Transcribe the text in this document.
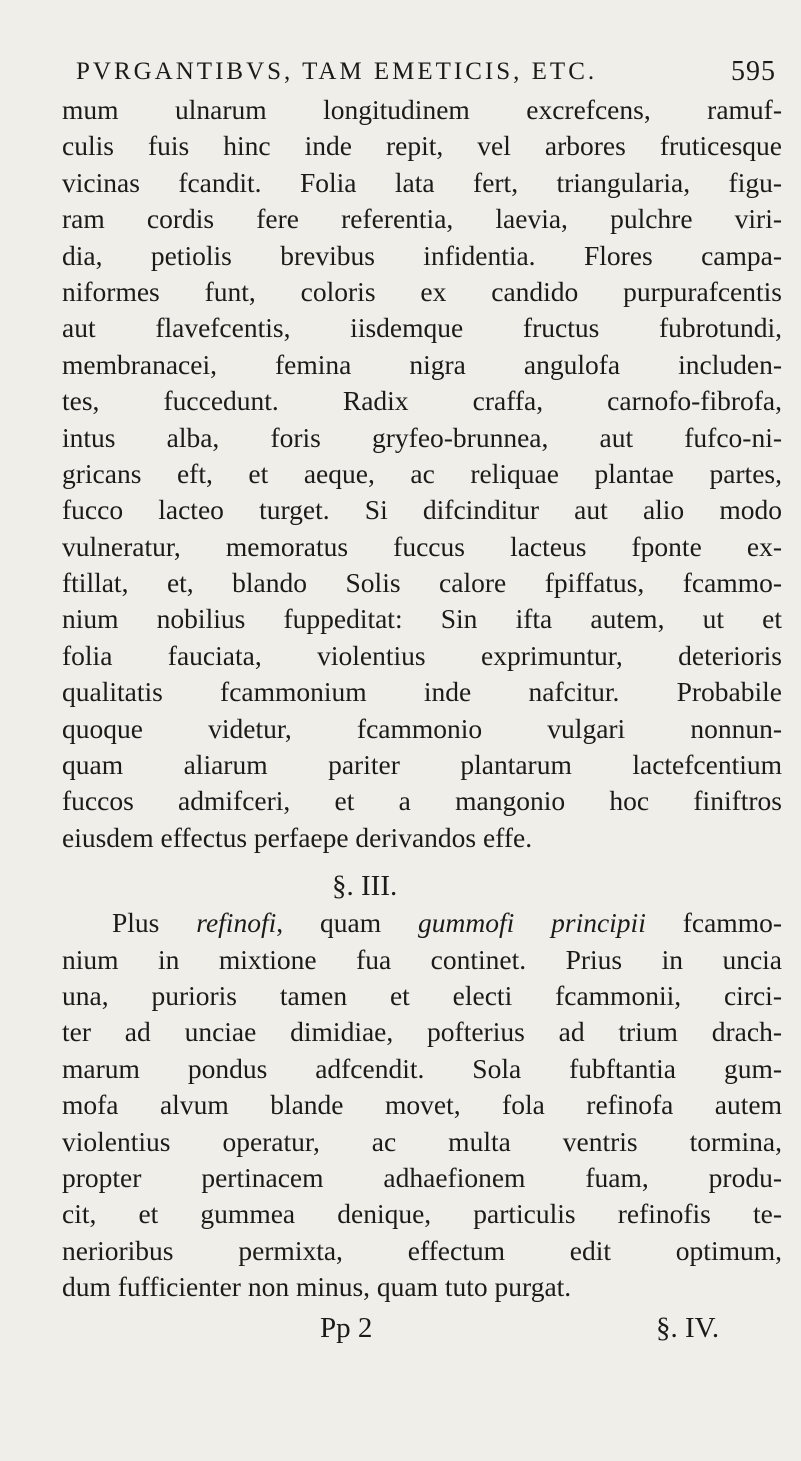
PVRGANTIBVS, TAM EMETICIS, ETC.	595
mum ulnarum longitudinem excrefcens, ramuf-
culis fuis hinc inde repit, vel arbores fruticesque
vicinas fcandit. Folia lata fert, triangularia, figu-
ram cordis fere referentia, laevia, pulchre viri-
dia, petiolis brevibus infidentia. Flores campa-
niformes funt, coloris ex candido purpurafcentis
aut flavefcentis, iisdemque fructus fubrotundi,
membranacei, femina nigra angulofa includen-
tes, fuccedunt. Radix craffa, carnofo-fibrofa,
intus alba, foris gryfeo-brunnea, aut fufco-ni-
gricans eft, et aeque, ac reliquae plantae partes,
fucco lacteo turget. Si difcinditur aut alio modo
vulneratur, memoratus fuccus lacteus fponte ex-
ftillat, et, blando Solis calore fpiffatus, fcammo-
nium nobilius fuppeditat: Sin ifta autem, ut et
folia fauciata, violentius exprimuntur, deterioris
qualitatis fcammonium inde nafcitur. Probabile
quoque videtur, fcammonio vulgari nonnun-
quam aliarum pariter plantarum lactefcentium
fuccos admifceri, et a mangonio hoc finiftros
eiusdem effectus perfaepe derivandos effe.
§. III.
Plus refinofi, quam gummofi principii fcammo-
nium in mixtione fua continet. Prius in uncia
una, purioris tamen et electi fcammonii, circi-
ter ad unciae dimidiae, pofterius ad trium drach-
marum pondus adfcendit. Sola fubftantia gum-
mofa alvum blande movet, fola refinofa autem
violentius operatur, ac multa ventris tormina,
propter pertinacem adhaefionem fuam, produ-
cit, et gummea denique, particulis refinofis te-
nerioribus permixta, effectum edit optimum,
dum fufficienter non minus, quam tuto purgat.
Pp 2	§. IV.
